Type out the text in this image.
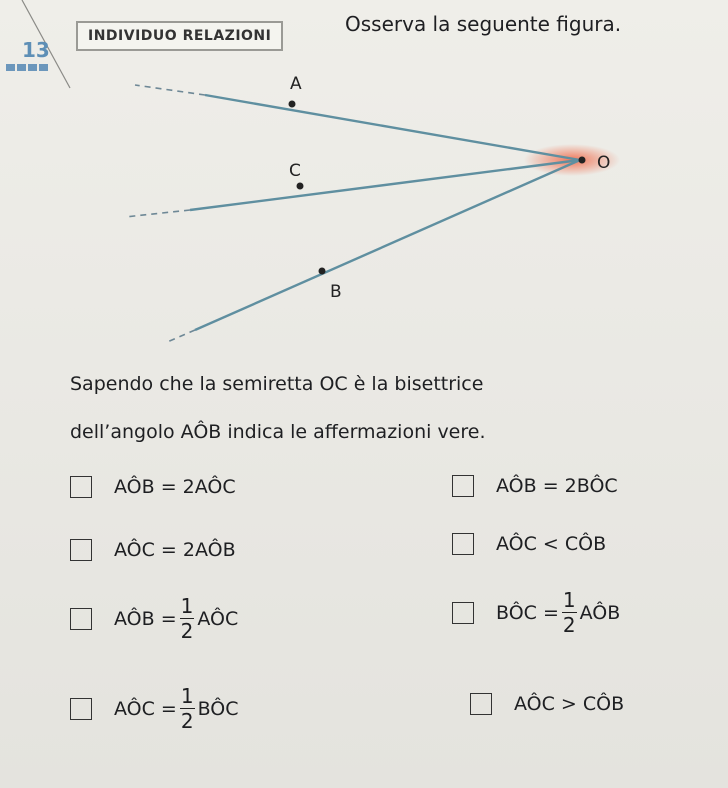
13
INDIVIDUO RELAZIONI	Osserva la seguente figura.
A
C
B
O
Sapendo che la semiretta OC è la bisettrice
dell’angolo AÔB indica le affermazioni vere.
AÔB = 2AÔC
AÔC = 2AÔB
AÔB = $\frac{1}{2}$ AÔC
AÔC = $\frac{1}{2}$ BÔC
AÔB = 2BÔC
AÔC < CÔB
BÔC = $\frac{1}{2}$ AÔB
AÔC > CÔB
